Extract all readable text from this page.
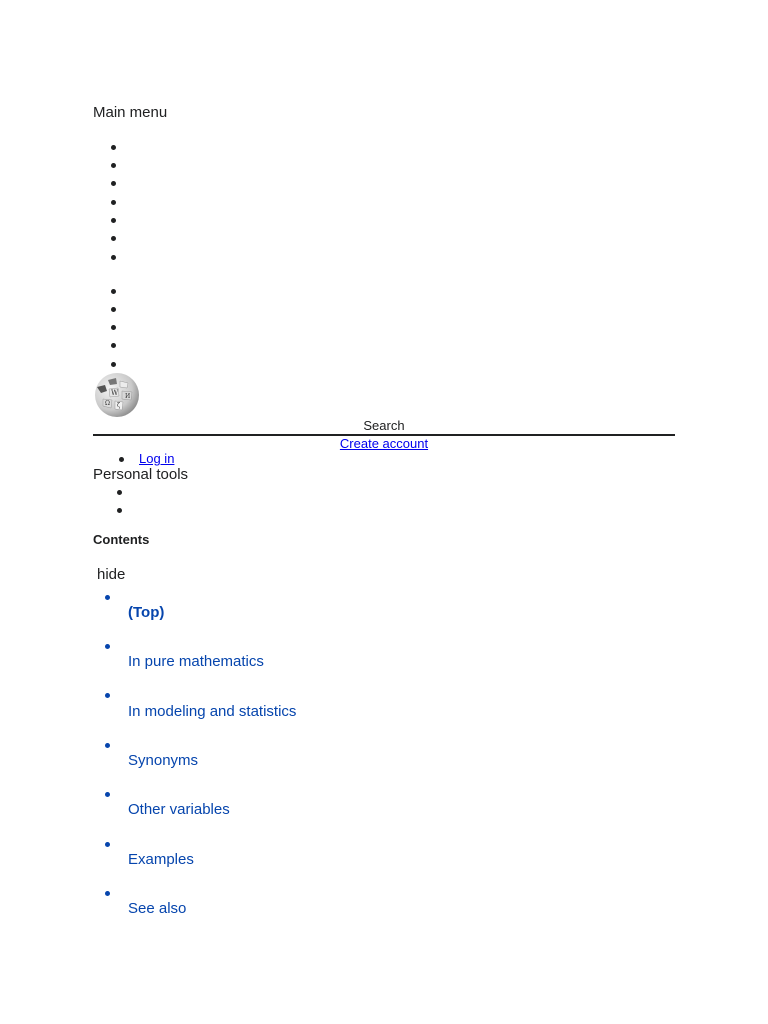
Main menu
W И
Ω ζ
Search
Create account
Log in
Personal tools
Contents
hide
(Top)
In pure mathematics
In modeling and statistics
Synonyms
Other variables
Examples
See also
